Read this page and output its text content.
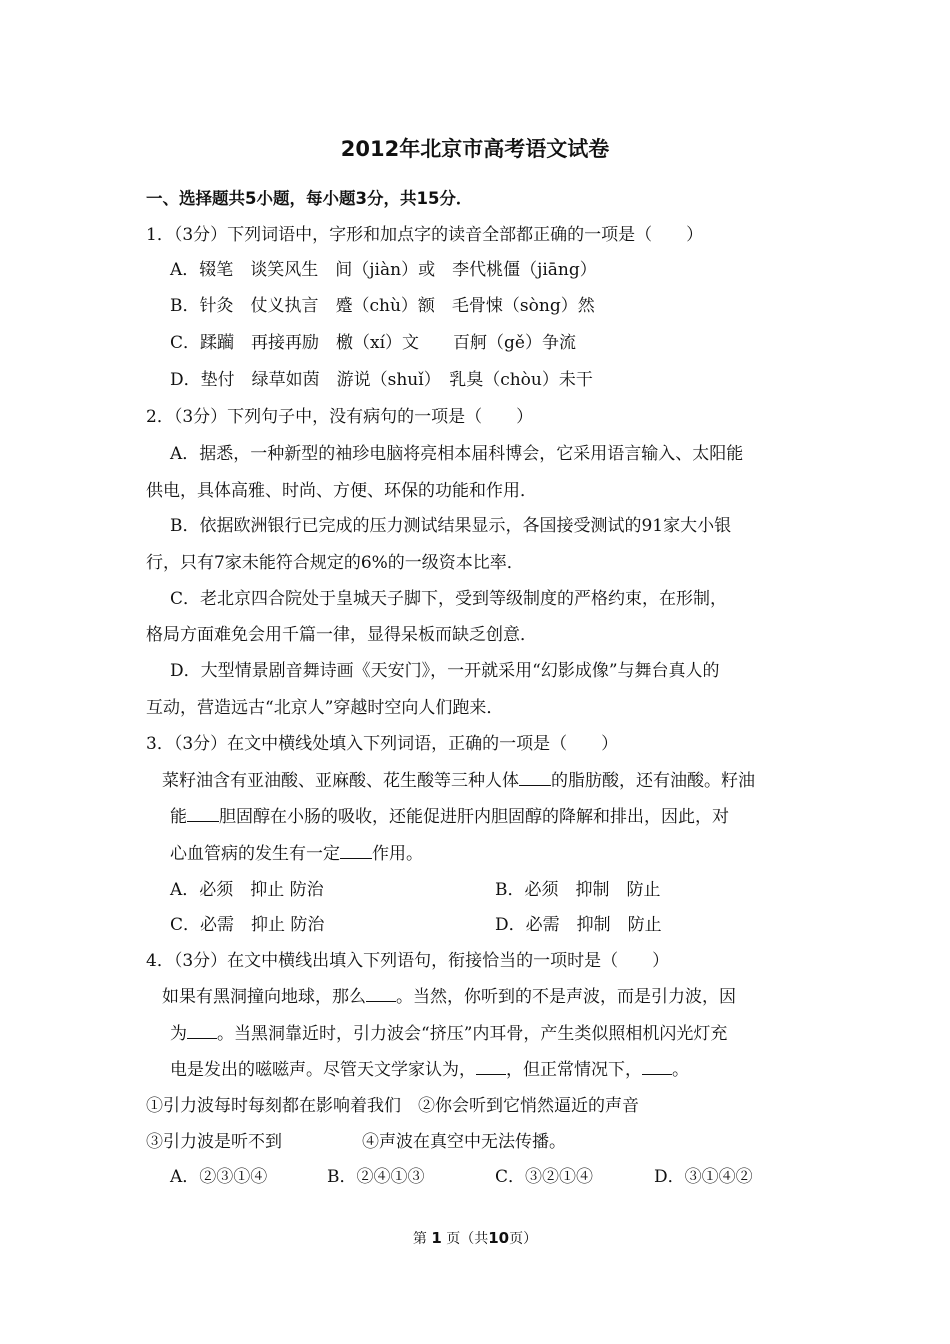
2012年北京市高考语文试卷
一、选择题共5小题，每小题3分，共15分．
1．（3分）下列词语中，字形和加点字的读音全部都正确的一项是（　　）
A．辍笔　谈笑风生　间（jiàn）或　李代桃僵（jiāng）
B．针灸　仗义执言　蹙（chù）额　毛骨悚（sòng）然
C．蹂躏　再接再励　檄（xí）文　　百舸（gě）争流
D．垫付　绿草如茵　游说（shuǐ）　乳臭（chòu）未干
2．（3分）下列句子中，没有病句的一项是（　　）
A．据悉，一种新型的袖珍电脑将亮相本届科博会，它采用语言输入、太阳能
供电，具体高雅、时尚、方便、环保的功能和作用．
B．依据欧洲银行已完成的压力测试结果显示，各国接受测试的91家大小银
行，只有7家未能符合规定的6%的一级资本比率．
C．老北京四合院处于皇城天子脚下，受到等级制度的严格约束，在形制，
格局方面难免会用千篇一律，显得呆板而缺乏创意．
D．大型情景剧音舞诗画《天安门》，一开就采用“幻影成像”与舞台真人的
互动，营造远古“北京人”穿越时空向人们跑来．
3．（3分）在文中横线处填入下列词语，正确的一项是（　　）
菜籽油含有亚油酸、亚麻酸、花生酸等三种人体 的脂肪酸，还有油酸。籽油
能 胆固醇在小肠的吸收，还能促进肝内胆固醇的降解和排出，因此，对
心血管病的发生有一定 作用。
A．必须　抑止 防治	B．必须　抑制　防止
C．必需　抑止 防治	D．必需　抑制　防止
4．（3分）在文中横线出填入下列语句，衔接恰当的一项时是（　　）
如果有黑洞撞向地球，那么 。当然，你听到的不是声波，而是引力波，因
为 。当黑洞靠近时，引力波会“挤压”内耳骨，产生类似照相机闪光灯充
电是发出的嗞嗞声。尽管天文学家认为， ，但正常情况下， 。
①引力波每时每刻都在影响着我们　②你会听到它悄然逼近的声音
③引力波是听不到	④声波在真空中无法传播。
A．②③①④	B．②④①③	C．③②①④	D．③①④②
第 1 页（共10页）
